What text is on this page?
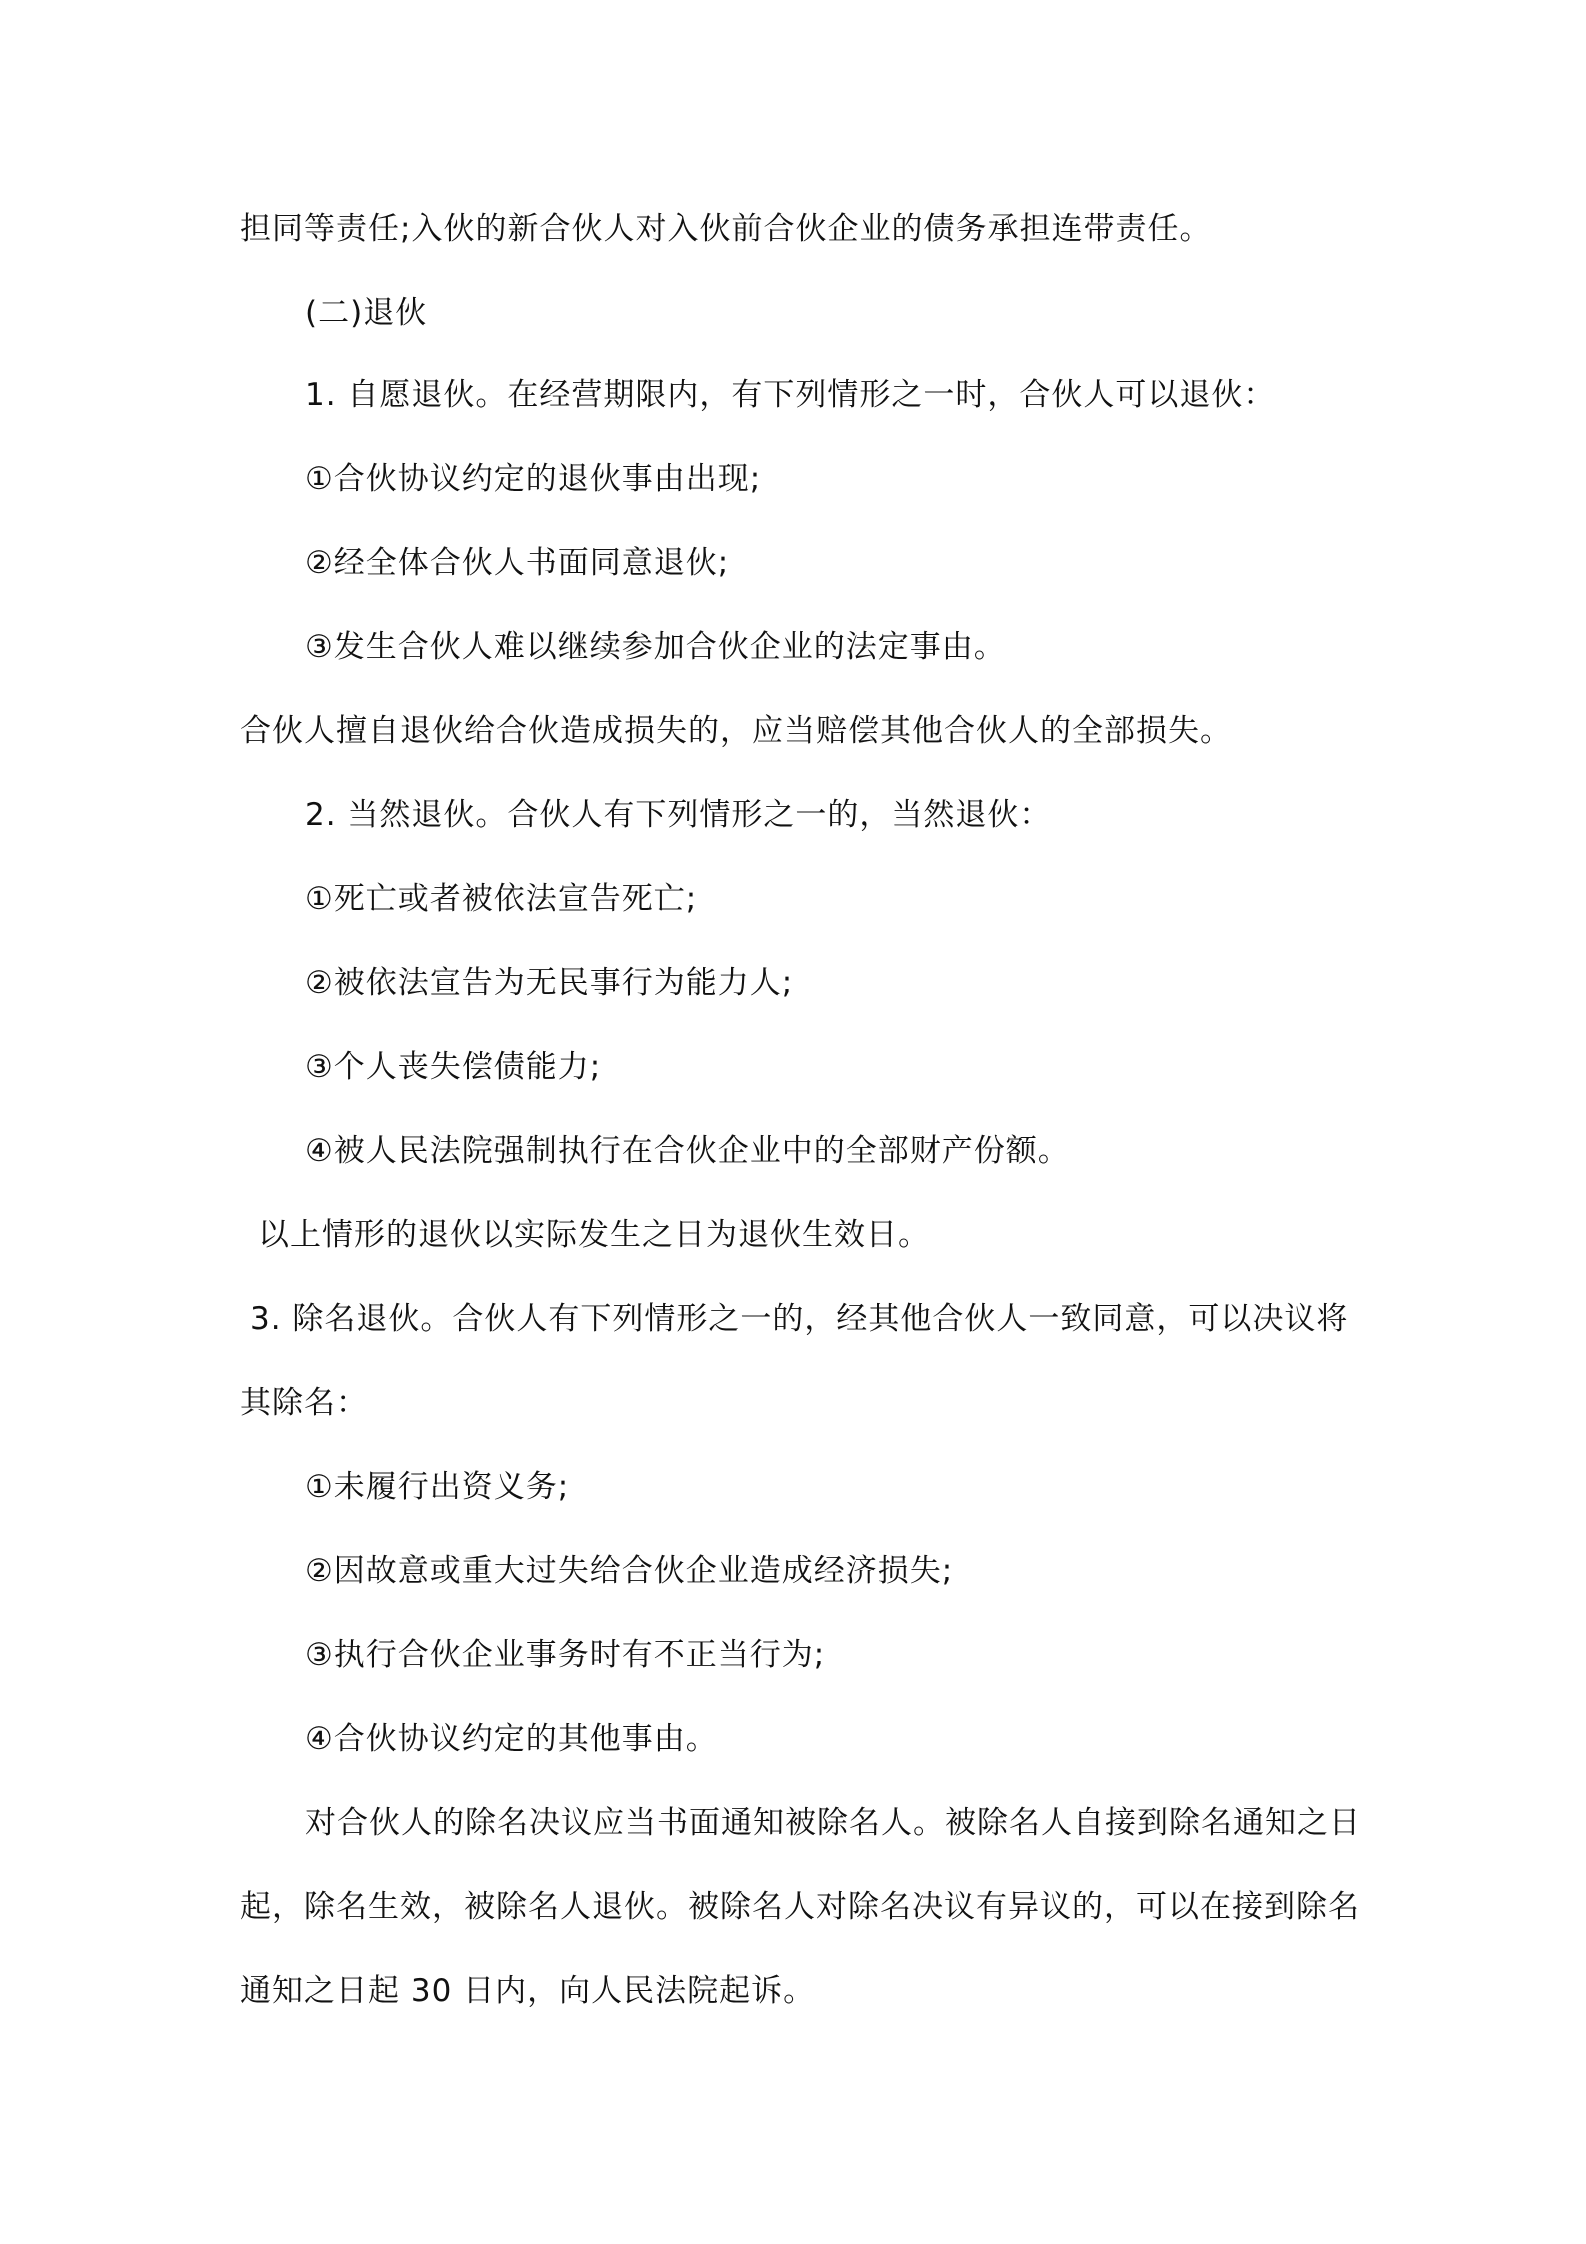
担同等责任;入伙的新合伙人对入伙前合伙企业的债务承担连带责任。
(二)退伙
1. 自愿退伙。在经营期限内，有下列情形之一时，合伙人可以退伙：
①合伙协议约定的退伙事由出现;
②经全体合伙人书面同意退伙;
③发生合伙人难以继续参加合伙企业的法定事由。
合伙人擅自退伙给合伙造成损失的，应当赔偿其他合伙人的全部损失。
2. 当然退伙。合伙人有下列情形之一的，当然退伙：
①死亡或者被依法宣告死亡;
②被依法宣告为无民事行为能力人;
③个人丧失偿债能力;
④被人民法院强制执行在合伙企业中的全部财产份额。
以上情形的退伙以实际发生之日为退伙生效日。
3. 除名退伙。合伙人有下列情形之一的，经其他合伙人一致同意，可以决议将
其除名：
①未履行出资义务;
②因故意或重大过失给合伙企业造成经济损失;
③执行合伙企业事务时有不正当行为;
④合伙协议约定的其他事由。
对合伙人的除名决议应当书面通知被除名人。被除名人自接到除名通知之日
起，除名生效，被除名人退伙。被除名人对除名决议有异议的，可以在接到除名
通知之日起 30 日内，向人民法院起诉。
